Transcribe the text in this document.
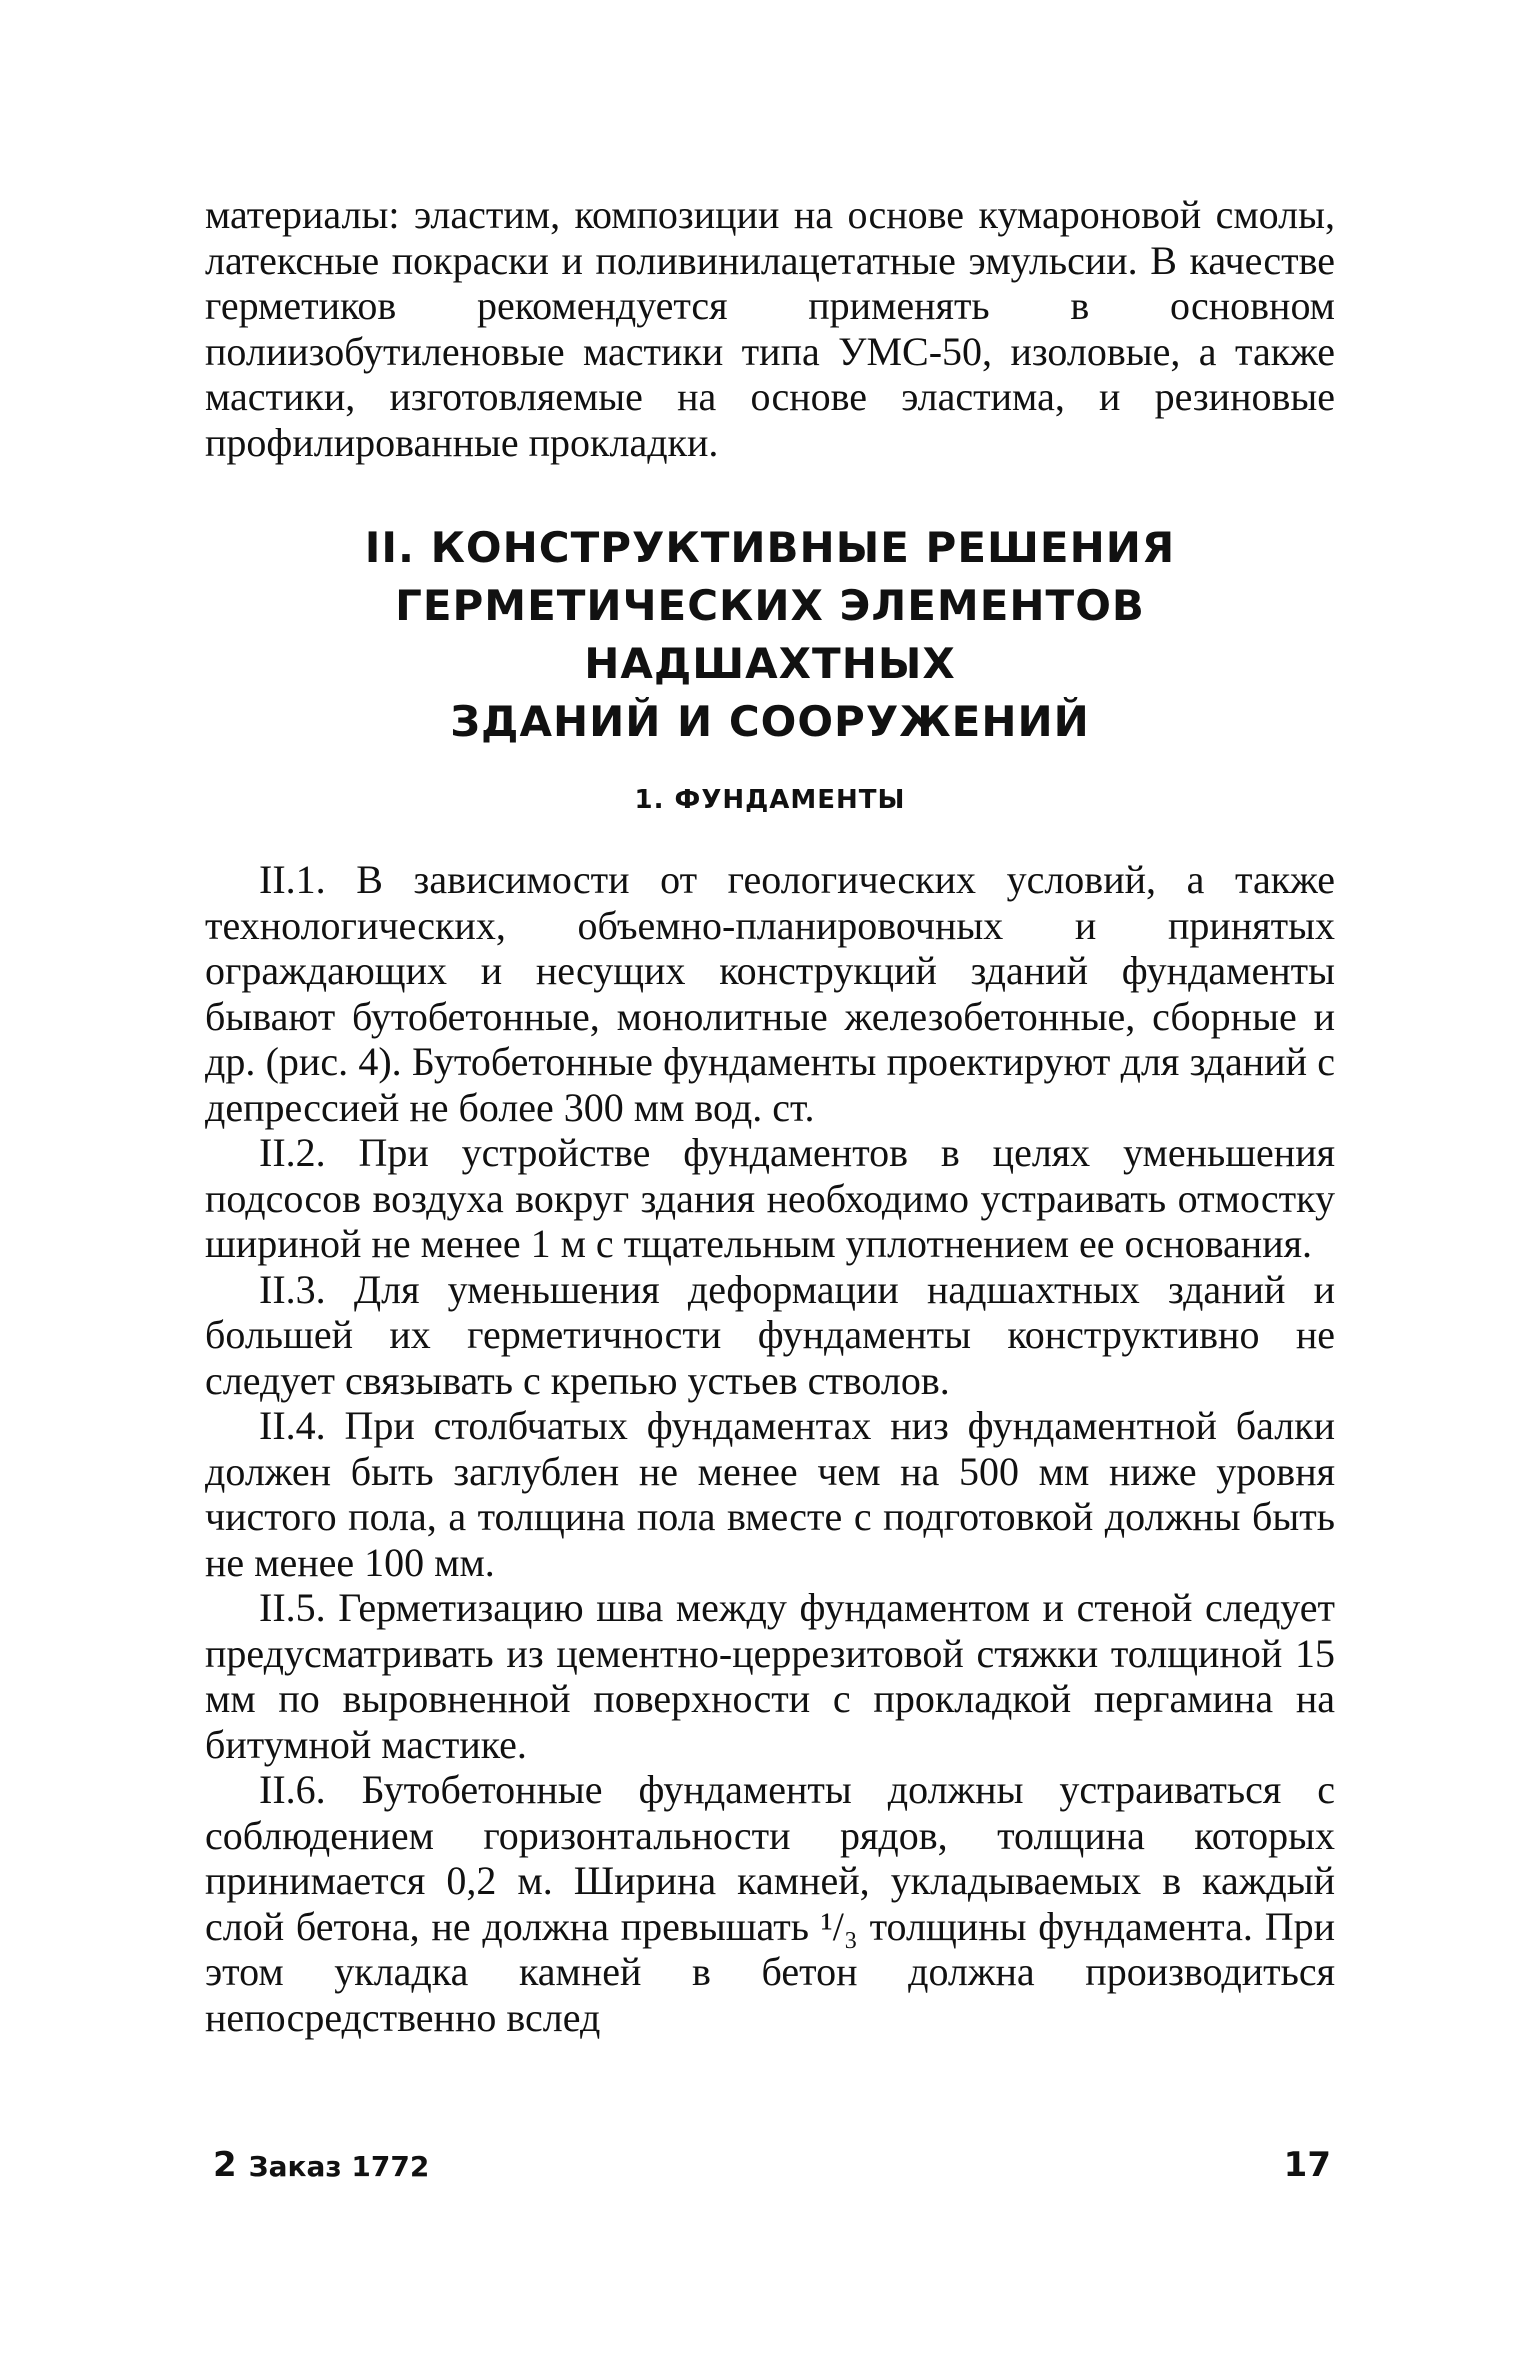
материалы: эластим, композиции на основе кумароновой смолы, латексные покраски и поливинилацетатные эмульсии. В качестве герметиков рекомендуется применять в основном полиизобутиленовые мастики типа УМС-50, изоловые, а также мастики, изготовляемые на основе эластима, и резиновые профилированные прокладки.

II. КОНСТРУКТИВНЫЕ РЕШЕНИЯ
ГЕРМЕТИЧЕСКИХ ЭЛЕМЕНТОВ НАДШАХТНЫХ
ЗДАНИЙ И СООРУЖЕНИЙ
1. ФУНДАМЕНТЫ

II.1. В зависимости от геологических условий, а также технологических, объемно-планировочных и принятых ограждающих и несущих конструкций зданий фундаменты бывают бутобетонные, монолитные железобетонные, сборные и др. (рис. 4). Бутобетонные фундаменты проектируют для зданий с депрессией не более 300 мм вод. ст.

II.2. При устройстве фундаментов в целях уменьшения подсосов воздуха вокруг здания необходимо устраивать отмостку шириной не менее 1 м с тщательным уплотнением ее основания.

II.3. Для уменьшения деформации надшахтных зданий и большей их герметичности фундаменты конструктивно не следует связывать с крепью устьев стволов.

II.4. При столбчатых фундаментах низ фундаментной балки должен быть заглублен не менее чем на 500 мм ниже уровня чистого пола, а толщина пола вместе с подготовкой должны быть не менее 100 мм.

II.5. Герметизацию шва между фундаментом и стеной следует предусматривать из цементно-церрезитовой стяжки толщиной 15 мм по выровненной поверхности с прокладкой пергамина на битумной мастике.

II.6. Бутобетонные фундаменты должны устраиваться с соблюдением горизонтальности рядов, толщина которых принимается 0,2 м. Ширина камней, укладываемых в каждый слой бетона, не должна превышать ¹/₃ толщины фундамента. При этом укладка камней в бетон должна производиться непосредственно вслед

2 Заказ 1772	17
